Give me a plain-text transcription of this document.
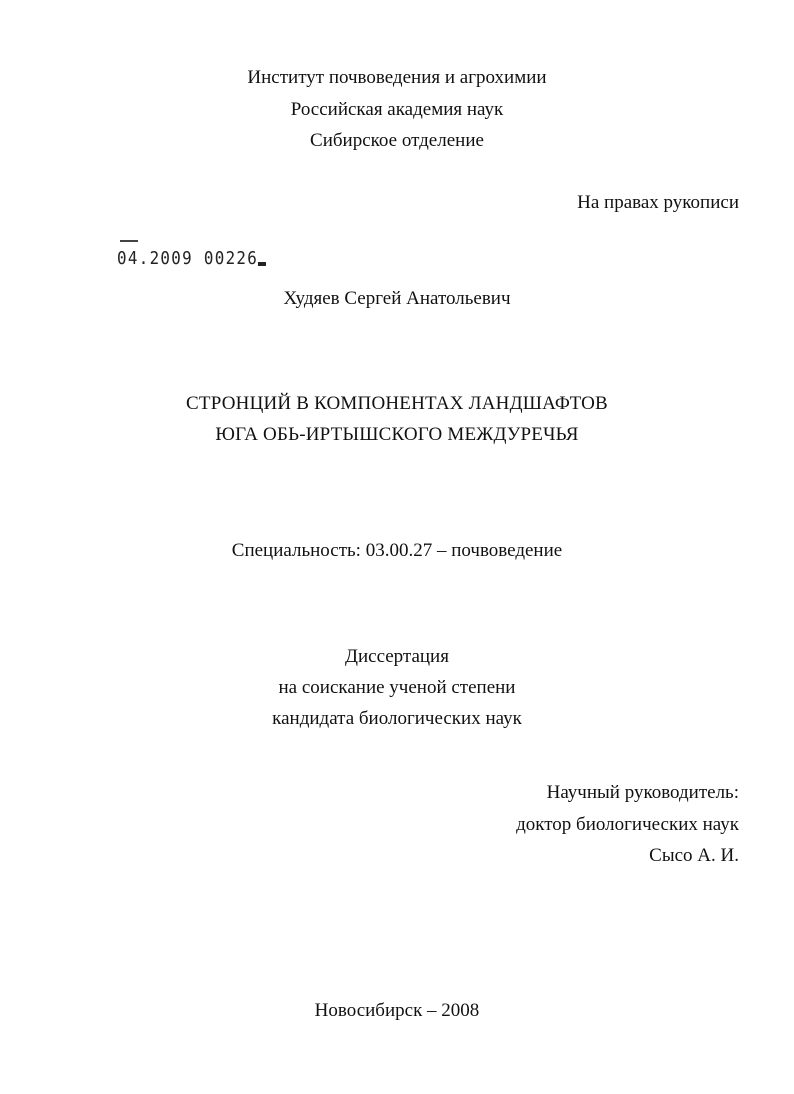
Институт почвоведения и агрохимии
Российская академия наук
Сибирское отделение
На правах рукописи
04.2009 00226
Худяев Сергей Анатольевич
СТРОНЦИЙ В КОМПОНЕНТАХ ЛАНДШАФТОВ
ЮГА ОБЬ-ИРТЫШСКОГО МЕЖДУРЕЧЬЯ
Специальность: 03.00.27 – почвоведение
Диссертация
на соискание ученой степени
кандидата биологических наук
Научный руководитель:
доктор биологических наук
Сысо А. И.
Новосибирск – 2008
